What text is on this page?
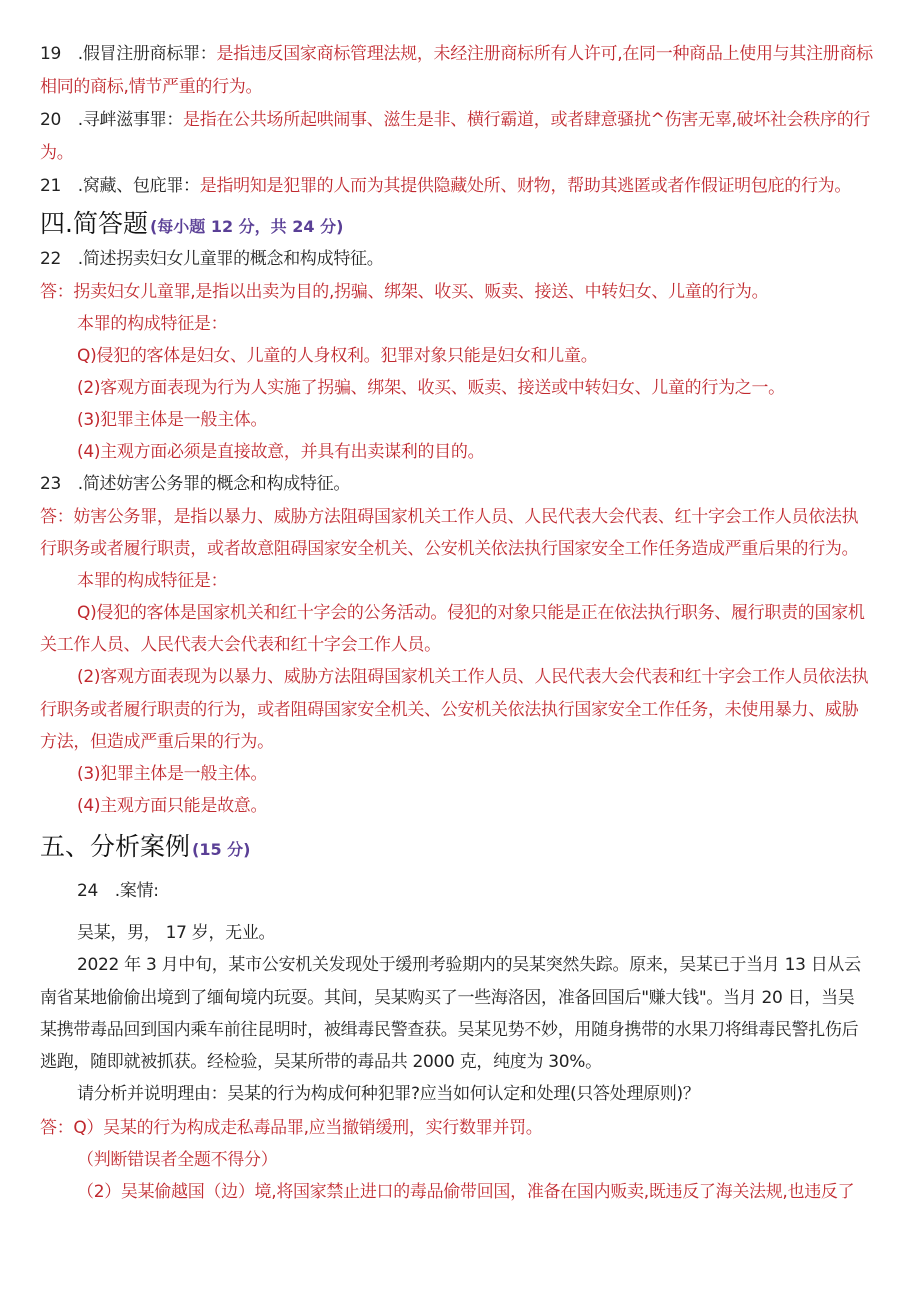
19　.假冒注册商标罪：是指违反国家商标管理法规，未经注册商标所有人许可,在同一种商品上使用与其注册商标
相同的商标,情节严重的行为。
20　.寻衅滋事罪：是指在公共场所起哄闹事、滋生是非、横行霸道，或者肆意骚扰^伤害无辜,破坏社会秩序的行
为。
21　.窝藏、包庇罪：是指明知是犯罪的人而为其提供隐藏处所、财物，帮助其逃匿或者作假证明包庇的行为。
四.简答题 (每小题 12 分，共 24 分)
22　.简述拐卖妇女儿童罪的概念和构成特征。
答：拐卖妇女儿童罪,是指以出卖为目的,拐骗、绑架、收买、贩卖、接送、中转妇女、儿童的行为。
本罪的构成特征是：
Q)侵犯的客体是妇女、儿童的人身权利。犯罪对象只能是妇女和儿童。
(2)客观方面表现为行为人实施了拐骗、绑架、收买、贩卖、接送或中转妇女、儿童的行为之一。
(3)犯罪主体是一般主体。
(4)主观方面必须是直接故意，并具有出卖谋利的目的。
23　.简述妨害公务罪的概念和构成特征。
答：妨害公务罪，是指以暴力、威胁方法阻碍国家机关工作人员、人民代表大会代表、红十字会工作人员依法执
行职务或者履行职责，或者故意阻碍国家安全机关、公安机关依法执行国家安全工作任务造成严重后果的行为。
本罪的构成特征是：
Q)侵犯的客体是国家机关和红十字会的公务活动。侵犯的对象只能是正在依法执行职务、履行职责的国家机
关工作人员、人民代表大会代表和红十字会工作人员。
(2)客观方面表现为以暴力、威胁方法阻碍国家机关工作人员、人民代表大会代表和红十字会工作人员依法执
行职务或者履行职责的行为，或者阻碍国家安全机关、公安机关依法执行国家安全工作任务，未使用暴力、威胁
方法，但造成严重后果的行为。
(3)犯罪主体是一般主体。
(4)主观方面只能是故意。
五、分析案例 (15 分)
24　.案情:
吴某，男， 17 岁，无业。
2022 年 3 月中旬，某市公安机关发现处于缓刑考验期内的吴某突然失踪。原来，吴某已于当月 13 日从云
南省某地偷偷出境到了缅甸境内玩耍。其间，吴某购买了一些海洛因，准备回国后"赚大钱"。当月 20 日，当吴
某携带毒品回到国内乘车前往昆明时，被缉毒民警查获。吴某见势不妙，用随身携带的水果刀将缉毒民警扎伤后
逃跑，随即就被抓获。经检验，吴某所带的毒品共 2000 克，纯度为 30%。
请分析并说明理由：吴某的行为构成何种犯罪?应当如何认定和处理(只答处理原则)？
答：Q）吴某的行为构成走私毒品罪,应当撤销缓刑，实行数罪并罚。
（判断错误者全题不得分）
（2）吴某偷越国（边）境,将国家禁止进口的毒品偷带回国，准备在国内贩卖,既违反了海关法规,也违反了
